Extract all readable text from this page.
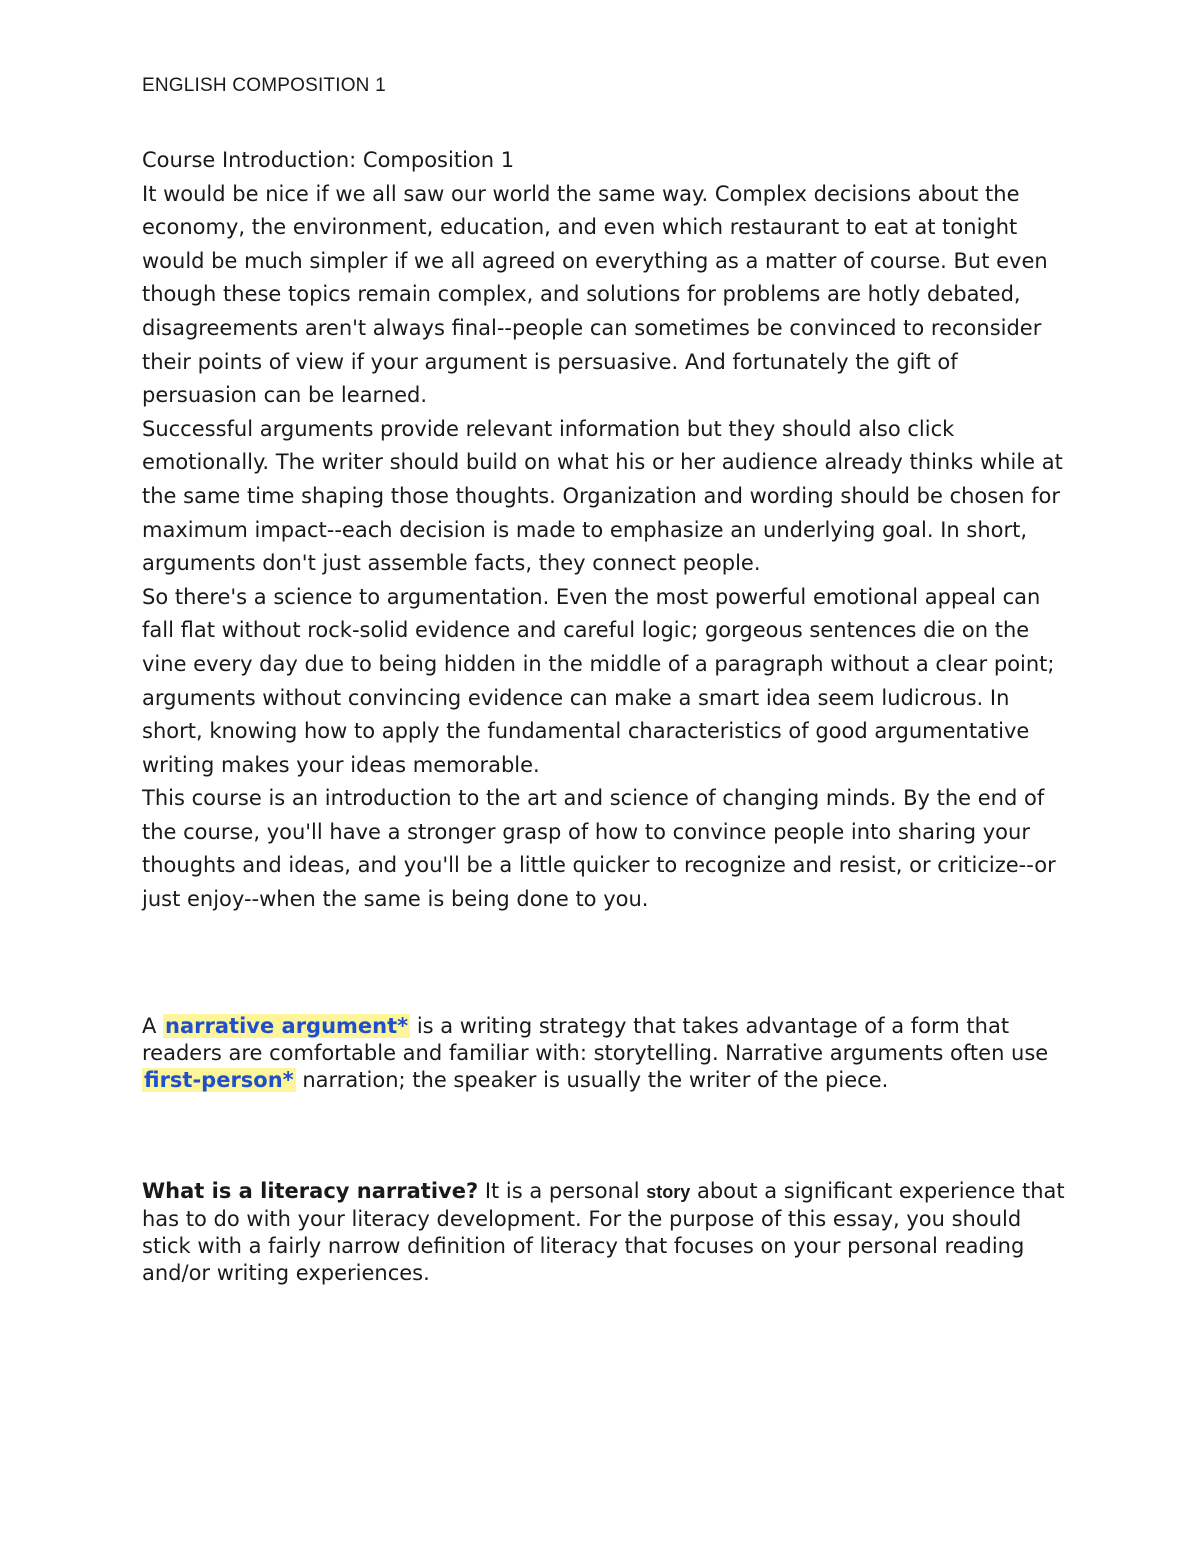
ENGLISH COMPOSITION 1

Course Introduction: Composition 1

It would be nice if we all saw our world the same way. Complex decisions about the economy, the environment, education, and even which restaurant to eat at tonight would be much simpler if we all agreed on everything as a matter of course. But even though these topics remain complex, and solutions for problems are hotly debated, disagreements aren't always final--people can sometimes be convinced to reconsider their points of view if your argument is persuasive. And fortunately the gift of persuasion can be learned.

Successful arguments provide relevant information but they should also click emotionally. The writer should build on what his or her audience already thinks while at the same time shaping those thoughts. Organization and wording should be chosen for maximum impact--each decision is made to emphasize an underlying goal. In short, arguments don't just assemble facts, they connect people.

So there's a science to argumentation. Even the most powerful emotional appeal can fall flat without rock-solid evidence and careful logic; gorgeous sentences die on the vine every day due to being hidden in the middle of a paragraph without a clear point; arguments without convincing evidence can make a smart idea seem ludicrous. In short, knowing how to apply the fundamental characteristics of good argumentative writing makes your ideas memorable.

This course is an introduction to the art and science of changing minds. By the end of the course, you'll have a stronger grasp of how to convince people into sharing your thoughts and ideas, and you'll be a little quicker to recognize and resist, or criticize--or just enjoy--when the same is being done to you.

A narrative argument* is a writing strategy that takes advantage of a form that readers are comfortable and familiar with: storytelling. Narrative arguments often use first-person* narration; the speaker is usually the writer of the piece.

What is a literacy narrative? It is a personal story about a significant experience that has to do with your literacy development. For the purpose of this essay, you should stick with a fairly narrow definition of literacy that focuses on your personal reading and/or writing experiences.
